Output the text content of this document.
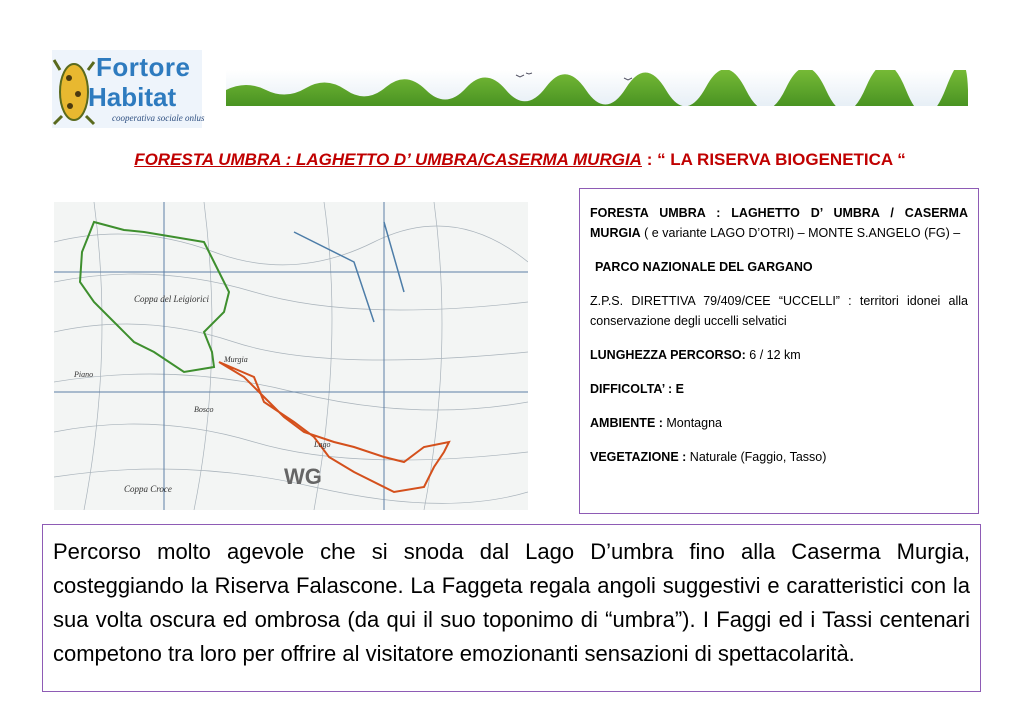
Fortore
Habitat
cooperativa sociale onlus
FORESTA UMBRA : LAGHETTO D’ UMBRA/CASERMA MURGIA : “ LA RISERVA BIOGENETICA “
Coppa del Leigiorici
Piano
Murgia
Lago
Bosco
Coppa Croce	WG

FORESTA UMBRA : LAGHETTO D’ UMBRA / CASERMA MURGIA ( e variante LAGO D’OTRI) – MONTE S.ANGELO (FG) –

PARCO NAZIONALE DEL GARGANO

Z.P.S. DIRETTIVA 79/409/CEE “UCCELLI” : territori idonei alla conservazione degli uccelli selvatici

LUNGHEZZA PERCORSO: 6 / 12 km

DIFFICOLTA’ : E

AMBIENTE : Montagna

VEGETAZIONE : Naturale (Faggio, Tasso)

Percorso molto agevole che si snoda dal Lago D’umbra fino alla Caserma Murgia, costeggiando la Riserva Falascone. La Faggeta regala angoli suggestivi e caratteristici con la sua volta oscura ed ombrosa (da qui il suo toponimo di “umbra”). I Faggi ed i Tassi centenari competono tra loro per offrire al visitatore emozionanti sensazioni di spettacolarità.
